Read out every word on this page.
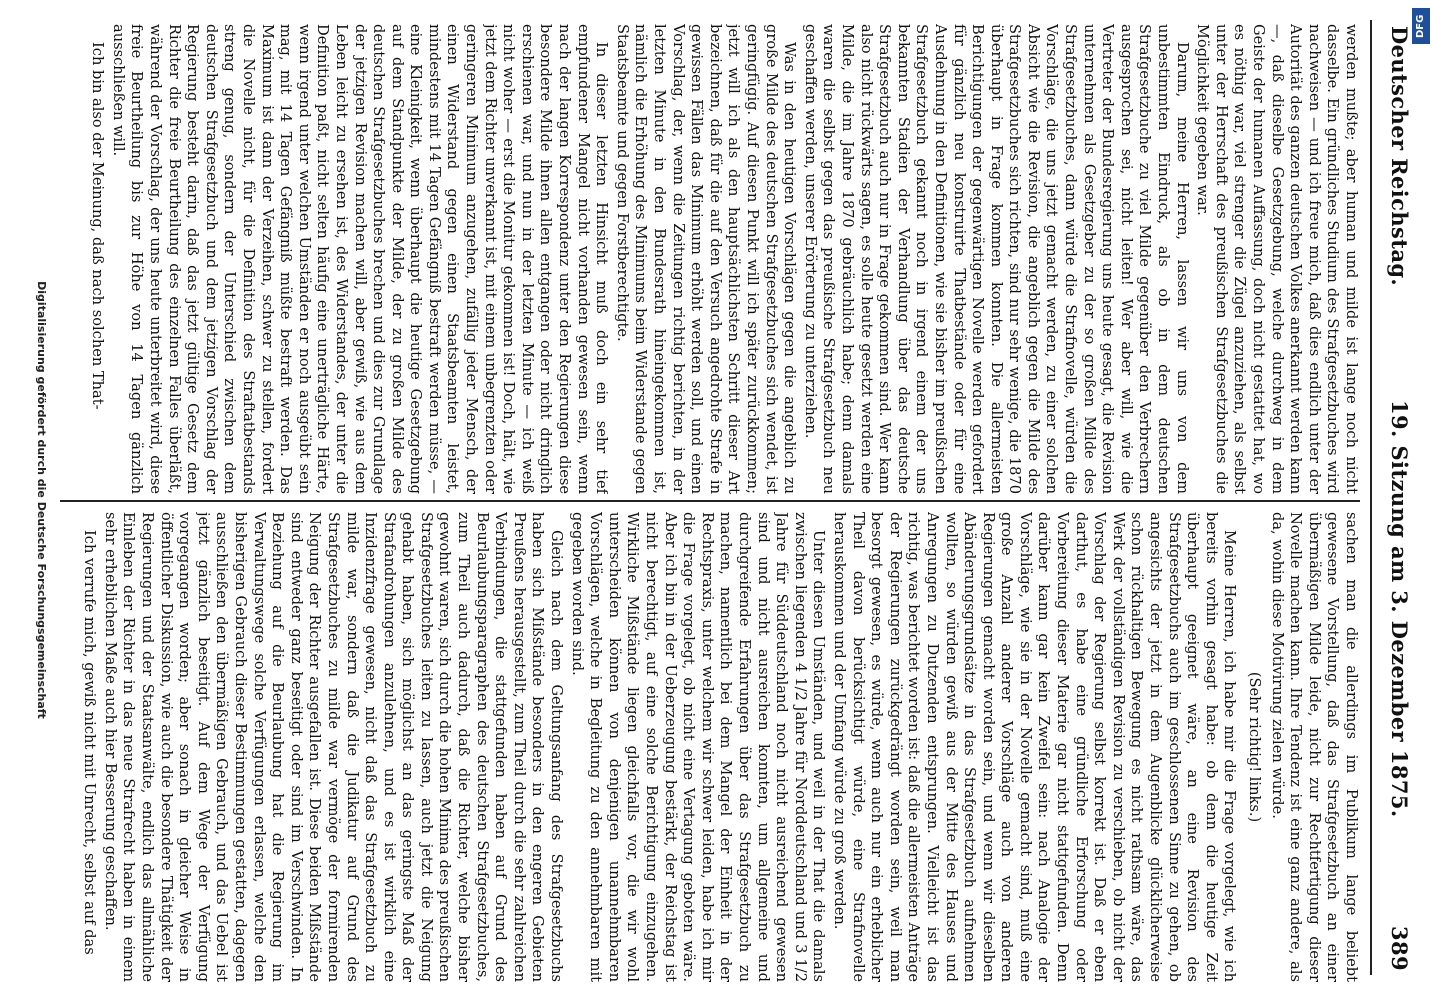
Deutscher Reichstag.
19. Sitzung am 3. Dezember 1875.
389

werden mußte; aber human und milde ist lange noch nicht dasselbe. Ein gründliches Studium des Strafgesetzbuches wird nachweisen — und ich freue mich, daß dies endlich unter der Autorität des ganzen deutschen Volkes anerkannt werden kann —, daß dieselbe Gesetzgebung, welche durchweg in dem Geiste der humanen Auffassung, doch nicht gestattet hat, wo es nöthig war, viel strenger die Zügel anzuziehen, als selbst unter der Herrschaft des preußischen Strafgesetzbuches die Möglichkeit gegeben war.

Darum, meine Herren, lassen wir uns von dem unbestimmten Eindruck, als ob in dem deutschen Strafgesetzbuche zu viel Milde gegenüber den Verbrechern ausgesprochen sei, nicht leiten! Wer aber will, wie die Vertreter der Bundesregierung uns heute gesagt, die Revision unternehmen als Gesetzgeber zu der so großen Milde des Strafgesetzbuches, dann würde die Strafnovelle, würden die Vorschläge, die uns jetzt gemacht werden, zu einer solchen Absicht wie die Revision, die angeblich gegen die Milde des Strafgesetzbuches sich richten, sind nur sehr wenige, die 1870 überhaupt in Frage kommen konnten. Die allermeisten Berichtigungen der gegenwärtigen Novelle werden gefordert für gänzlich neu konstruirte Thatbestände oder für eine Ausdehnung in den Definitionen, wie sie bisher im preußischen Strafgesetzbuch gekannt noch in irgend einem der uns bekannten Stadien der Verhandlung über das deutsche Strafgesetzbuch auch nur in Frage gekommen sind. Wer kann also nicht rückwärts sagen, es solle heute gesetzt werden eine Milde, die im Jahre 1870 gebräuchlich habe; denn damals waren die selbst gegen das preußische Strafgesetzbuch neu geschaffen werden, unserer Erörterung zu unterziehen.

Was in den heutigen Vorschlägen gegen die angeblich zu große Milde des deutschen Strafgesetzbuches sich wendet, ist geringfügig. Auf diesen Punkt will ich später zurückkommen; jetzt will ich als den hauptsächlichsten Schritt dieser Art bezeichnen, daß für die auf den Versuch angedrohte Strafe in gewissen Fällen das Minimum erhöht werden soll, und einen Vorschlag, der, wenn die Zeitungen richtig berichten, in der letzten Minute in den Bundesrath hineingekommen ist, nämlich die Erhöhung des Minimums beim Widerstande gegen Staatsbeamte und gegen Forstberechtigte.

In dieser letzten Hinsicht muß doch ein sehr tief empfundener Mangel nicht vorhanden gewesen sein, wenn nach der langen Korrespondenz unter den Regierungen diese besondere Milde ihnen allen entgangen oder nicht dringlich erschienen war, und nun in der letzten Minute — ich weiß nicht woher — erst die Monitur gekommen ist! Doch, hält, wie jetzt dem Richter unverkannt ist, mit einem unbegrenzten oder geringeren Minimum anzugehen, zufällig jeder Mensch, der einen Widerstand gegen einen Staatsbeamten leistet, mindestens mit 14 Tagen Gefängniß bestraft werden müsse, — eine Kleinigkeit, wenn überhaupt die heutige Gesetzgebung auf dem Standpunkte der Milde, der zu großen Milde des deutschen Strafgesetzbuches brechen und dies zur Grundlage der jetzigen Revision machen will, aber gewiß, wie aus dem Leben leicht zu ersehen ist, des Widerstandes, der unter die Definition paßt, nicht selten häufig eine unerträgliche Härte, wenn irgend unter welchen Umständen er noch ausgeübt sein mag, mit 14 Tagen Gefängniß müßte bestraft werden. Das Maximum ist dann der Verzeihen, schwer zu stellen, fordert die Novelle nicht, für die Definition des Straftatbestands streng genug, sondern der Unterschied zwischen dem deutschen Strafgesetzbuch und dem jetzigen Vorschlag der Regierung besteht darin, daß das jetzt gültige Gesetz dem Richter die freie Beurtheilung des einzelnen Falles überläßt, während der Vorschlag, der uns heute unterbreitet wird, diese freie Beurtheilung bis zur Höhe von 14 Tagen gänzlich ausschließen will.

Ich bin also der Meinung, daß nach solchen That-

sachen man die allerdings im Publikum lange beliebt gewesene Vorstellung, daß das Strafgesetzbuch an einer übermäßigen Milde leide, nicht zur Rechtfertigung dieser Novelle machen kann. Ihre Tendenz ist eine ganz andere, als da, wohin diese Motivirung zielen würde.

(Sehr richtig! links.)

Meine Herren, ich habe mir die Frage vorgelegt, wie ich bereits vorhin gesagt habe: ob denn die heutige Zeit überhaupt geeignet wäre, an eine Revision des Strafgesetzbuchs auch im geschlossenen Sinne zu gehen, ob angesichts der jetzt in dem Augenblicke glücklicherweise schon rückhaltigen Bewegung es nicht rathsam wäre, das Werk der vollständigen Revision zu verschieben, ob nicht der Vorschlag der Regierung selbst korrekt ist. Daß er eben darthut, es habe eine gründliche Erforschung oder Vorbereitung dieser Materie gar nicht stattgefunden. Denn darüber kann gar kein Zweifel sein: nach Analogie der Vorschläge, wie sie in der Novelle gemacht sind, muß eine große Anzahl anderer Vorschläge auch von anderen Regierungen gemacht worden sein, und wenn wir dieselben Abänderungsgrundsätze in das Strafgesetzbuch aufnehmen wollten, so würden gewiß aus der Mitte des Hauses und Anregungen zu Dutzenden entsprungen. Vielleicht ist das richtig, was berichtet worden ist: daß die allermeisten Anträge der Regierungen zurückgedrängt worden sein, weil man besorgt gewesen, es würde, wenn auch nur ein erheblicher Theil davon berücksichtigt würde, eine Strafnovelle herauskommen und der Umfang würde zu groß werden.

Unter diesen Umständen, und weil in der That die damals zwischen liegenden 4 1/2 Jahre für Norddeutschland und 3 1/2 Jahre für Süddeutschland noch nicht ausreichend gewesen sind und nicht ausreichen konnten, um allgemeine und durchgreifende Erfahrungen über das Strafgesetzbuch zu machen, namentlich bei dem Mangel der Einheit in der Rechtspraxis, unter welchem wir schwer leiden, habe ich mir die Frage vorgelegt, ob nicht eine Vertagung geboten wäre. Aber ich bin in der Ueberzeugung bestärkt, der Reichstag ist nicht berechtigt, auf eine solche Berichtigung einzugehen. Wirkliche Mißstände liegen gleichfalls vor, die wir wohl unterscheiden können von denjenigen unannehmbaren Vorschlägen, welche in Begleitung zu den annehmbaren mit gegeben worden sind.

Gleich nach dem Geltungsanfang des Strafgesetzbuchs haben sich Mißstände besonders in den engeren Gebieten Preußens herausgestellt, zum Theil durch die sehr zahlreichen Verbindungen, die stattgefunden haben auf Grund des Beurlaubungsparagraphen des deutschen Strafgesetzbuches, zum Theil auch dadurch, daß die Richter, welche bisher gewohnt waren, sich durch die hohen Minima des preußischen Strafgesetzbuches leiten zu lassen, auch jetzt die Neigung gehabt haben, sich möglichst an das geringste Maß der Strafandrohungen anzulehnen, und es ist wirklich eine Inzidenzfrage gewesen, nicht daß das Strafgesetzbuch zu milde war, sondern daß die Judikatur auf Grund des Strafgesetzbuches zu milde war vermöge der formirenden Neigung der Richter ausgefallen ist. Diese beiden Mißstände sind entweder ganz beseitigt oder sind im Verschwinden. In Beziehung auf die Beurlaubung hat die Regierung im Verwaltungswege solche Verfügungen erlassen, welche den bisherigen Gebrauch dieser Bestimmungen gestatten, dagegen ausschließen den übermäßigen Gebrauch, und das Uebel ist jetzt gänzlich beseitigt. Auf dem Wege der Verfügung vorgegangen worden; aber sonach in gleicher Weise in öffentlicher Diskussion, wie auch die besondere Thätigkeit der Regierungen und der Staatsanwälte, endlich das allmähliche Einleben der Richter in das neue Strafrecht haben in einem sehr erheblichen Maße auch hier Besserung geschaffen.

Ich verrufe mich, gewiß nicht mit Unrecht, selbst auf das

Digitalisierung gefördert durch die Deutsche Forschungsgemeinschaft
DFG
